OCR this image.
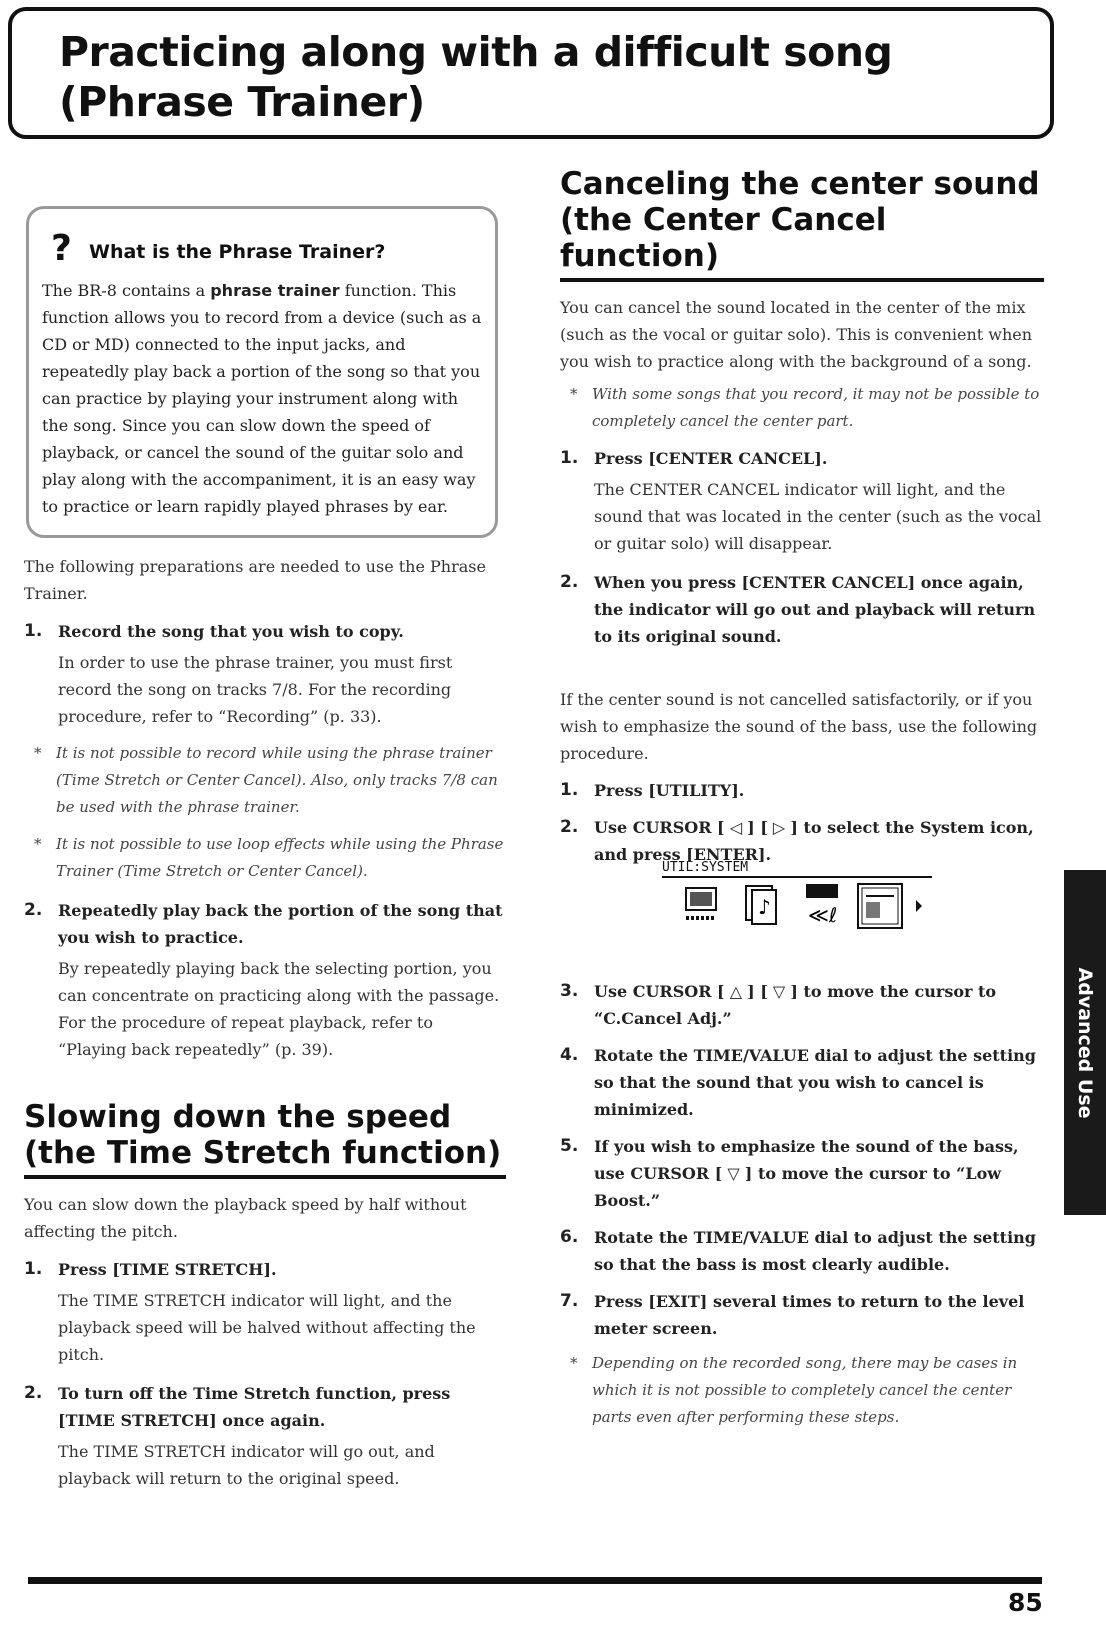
Practicing along with a difficult song
(Phrase Trainer)
? What is the Phrase Trainer?
The BR-8 contains a phrase trainer function. This function allows you to record from a device (such as a CD or MD) connected to the input jacks, and repeatedly play back a portion of the song so that you can practice by playing your instrument along with the song. Since you can slow down the speed of playback, or cancel the sound of the guitar solo and play along with the accompaniment, it is an easy way to practice or learn rapidly played phrases by ear.

The following preparations are needed to use the Phrase Trainer.

1. Record the song that you wish to copy.
In order to use the phrase trainer, you must first record the song on tracks 7/8. For the recording procedure, refer to “Recording” (p. 33).
* It is not possible to record while using the phrase trainer (Time Stretch or Center Cancel). Also, only tracks 7/8 can be used with the phrase trainer.
* It is not possible to use loop effects while using the Phrase Trainer (Time Stretch or Center Cancel).
2. Repeatedly play back the portion of the song that you wish to practice.
By repeatedly playing back the selecting portion, you can concentrate on practicing along with the passage. For the procedure of repeat playback, refer to “Playing back repeatedly” (p. 39).
Slowing down the speed
(the Time Stretch function)

You can slow down the playback speed by half without affecting the pitch.

1. Press [TIME STRETCH].
The TIME STRETCH indicator will light, and the playback speed will be halved without affecting the pitch.
2. To turn off the Time Stretch function, press [TIME STRETCH] once again.
The TIME STRETCH indicator will go out, and playback will return to the original speed.
Canceling the center sound
(the Center Cancel function)

You can cancel the sound located in the center of the mix (such as the vocal or guitar solo). This is convenient when you wish to practice along with the background of a song.

* With some songs that you record, it may not be possible to completely cancel the center part.
1. Press [CENTER CANCEL].
The CENTER CANCEL indicator will light, and the sound that was located in the center (such as the vocal or guitar solo) will disappear.
2. When you press [CENTER CANCEL] once again, the indicator will go out and playback will return to its original sound.

If the center sound is not cancelled satisfactorily, or if you wish to emphasize the sound of the bass, use the following procedure.

1. Press [UTILITY].
2. Use CURSOR [ ◁ ] [ ▷ ] to select the System icon, and press [ENTER].
3. Use CURSOR [ △ ] [ ▽ ] to move the cursor to “C.Cancel Adj.”
4. Rotate the TIME/VALUE dial to adjust the setting so that the sound that you wish to cancel is minimized.
5. If you wish to emphasize the sound of the bass, use CURSOR [ ▽ ] to move the cursor to “Low Boost.”
6. Rotate the TIME/VALUE dial to adjust the setting so that the bass is most clearly audible.
7. Press [EXIT] several times to return to the level meter screen.
* Depending on the recorded song, there may be cases in which it is not possible to completely cancel the center parts even after performing these steps.
UTIL:SYSTEM
♪ ≪ℓ
Advanced Use
85
